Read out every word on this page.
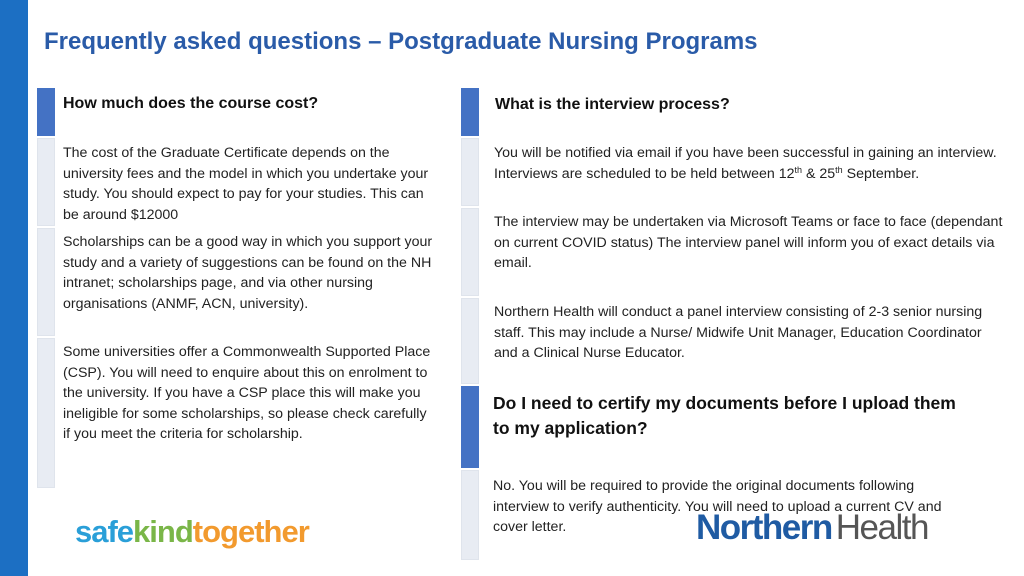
Frequently asked questions – Postgraduate Nursing Programs
How much does the course cost?

The cost of the Graduate Certificate depends on the university fees and the model in which you undertake your study. You should expect to pay for your studies. This can be around $12000

Scholarships can be a good way in which you support your study and a variety of suggestions can be found on the NH intranet; scholarships page, and via other nursing organisations (ANMF, ACN, university).

Some universities offer a Commonwealth Supported Place (CSP). You will need to enquire about this on enrolment to the university. If you have a CSP place this will make you ineligible for some scholarships, so please check carefully if you meet the criteria for scholarship.

What is the interview process?

You will be notified via email if you have been successful in gaining an interview. Interviews are scheduled to be held between 12th & 25th September.

The interview may be undertaken via Microsoft Teams or face to face (dependant on current COVID status) The interview panel will inform you of exact details via email.

Northern Health will conduct a panel interview consisting of 2-3 senior nursing staff. This may include a Nurse/ Midwife Unit Manager, Education Coordinator and a Clinical Nurse Educator.

Do I need to certify my documents before I upload them to my application?

No. You will be required to provide the original documents following interview to verify authenticity. You will need to upload a current CV and cover letter.

safekindtogether	Northern Health
